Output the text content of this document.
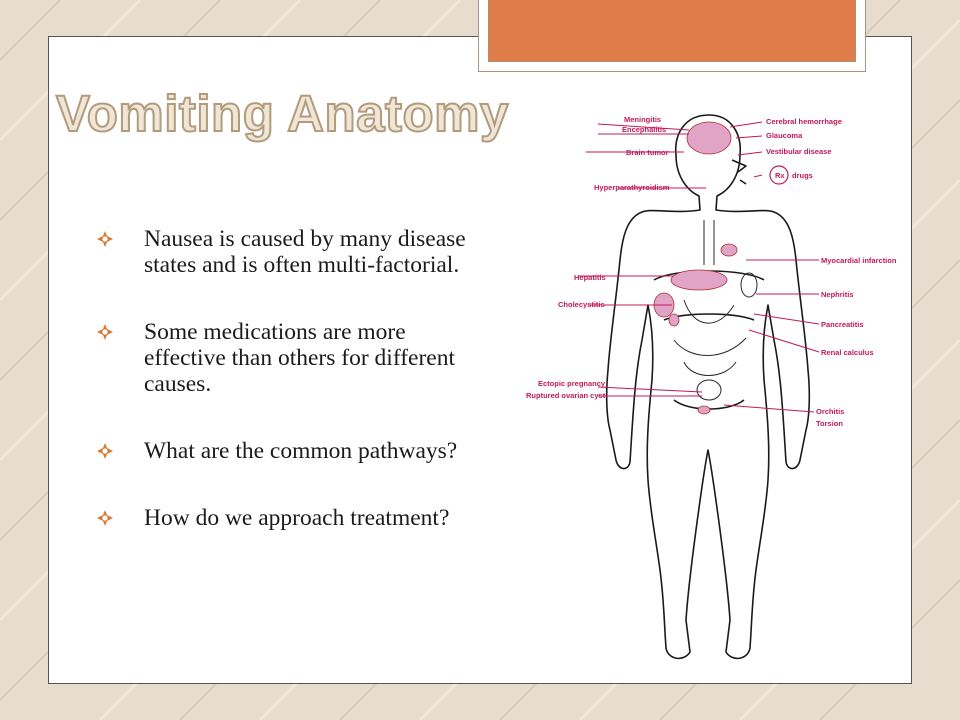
Vomiting Anatomy
Nausea is caused by many disease states and is often multi-factorial.
Some medications are more effective than others for different causes.
What are the common pathways?
How do we approach treatment?
Meningitis
Encephalitis
Brain tumor
Hyperparathyroidism
Hepatitis
Cholecystitis
Ectopic pregnancy
Ruptured ovarian cyst
Cerebral hemorrhage
Glaucoma
Vestibular disease
Rx drugs
Myocardial infarction
Nephritis
Pancreatitis
Renal calculus
Orchitis
Torsion
